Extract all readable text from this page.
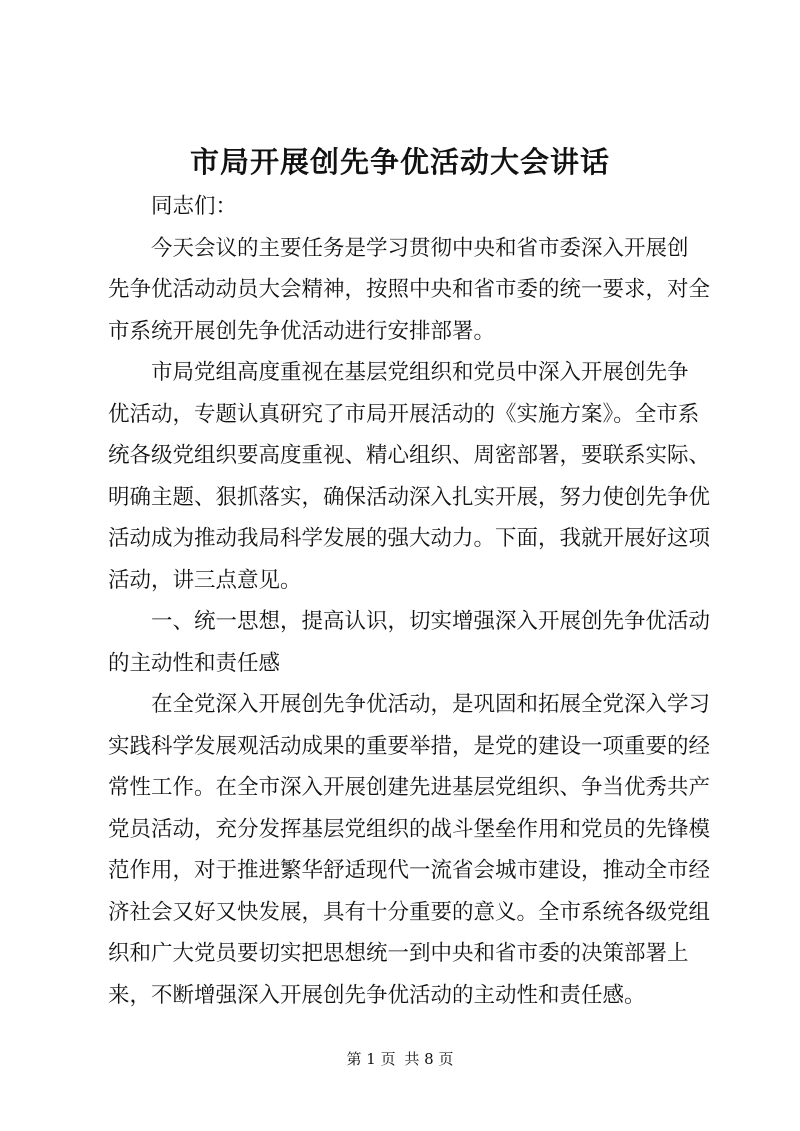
市局开展创先争优活动大会讲话

同志们：

今天会议的主要任务是学习贯彻中央和省市委深入开展创
先争优活动动员大会精神，按照中央和省市委的统一要求，对全
市系统开展创先争优活动进行安排部署。

市局党组高度重视在基层党组织和党员中深入开展创先争
优活动，专题认真研究了市局开展活动的《实施方案》。全市系
统各级党组织要高度重视、精心组织、周密部署，要联系实际、
明确主题、狠抓落实，确保活动深入扎实开展，努力使创先争优
活动成为推动我局科学发展的强大动力。下面，我就开展好这项
活动，讲三点意见。

一、统一思想，提高认识，切实增强深入开展创先争优活动
的主动性和责任感

在全党深入开展创先争优活动，是巩固和拓展全党深入学习
实践科学发展观活动成果的重要举措，是党的建设一项重要的经
常性工作。在全市深入开展创建先进基层党组织、争当优秀共产
党员活动，充分发挥基层党组织的战斗堡垒作用和党员的先锋模
范作用，对于推进繁华舒适现代一流省会城市建设，推动全市经
济社会又好又快发展，具有十分重要的意义。全市系统各级党组
织和广大党员要切实把思想统一到中央和省市委的决策部署上
来，不断增强深入开展创先争优活动的主动性和责任感。

第 1 页 共 8 页
